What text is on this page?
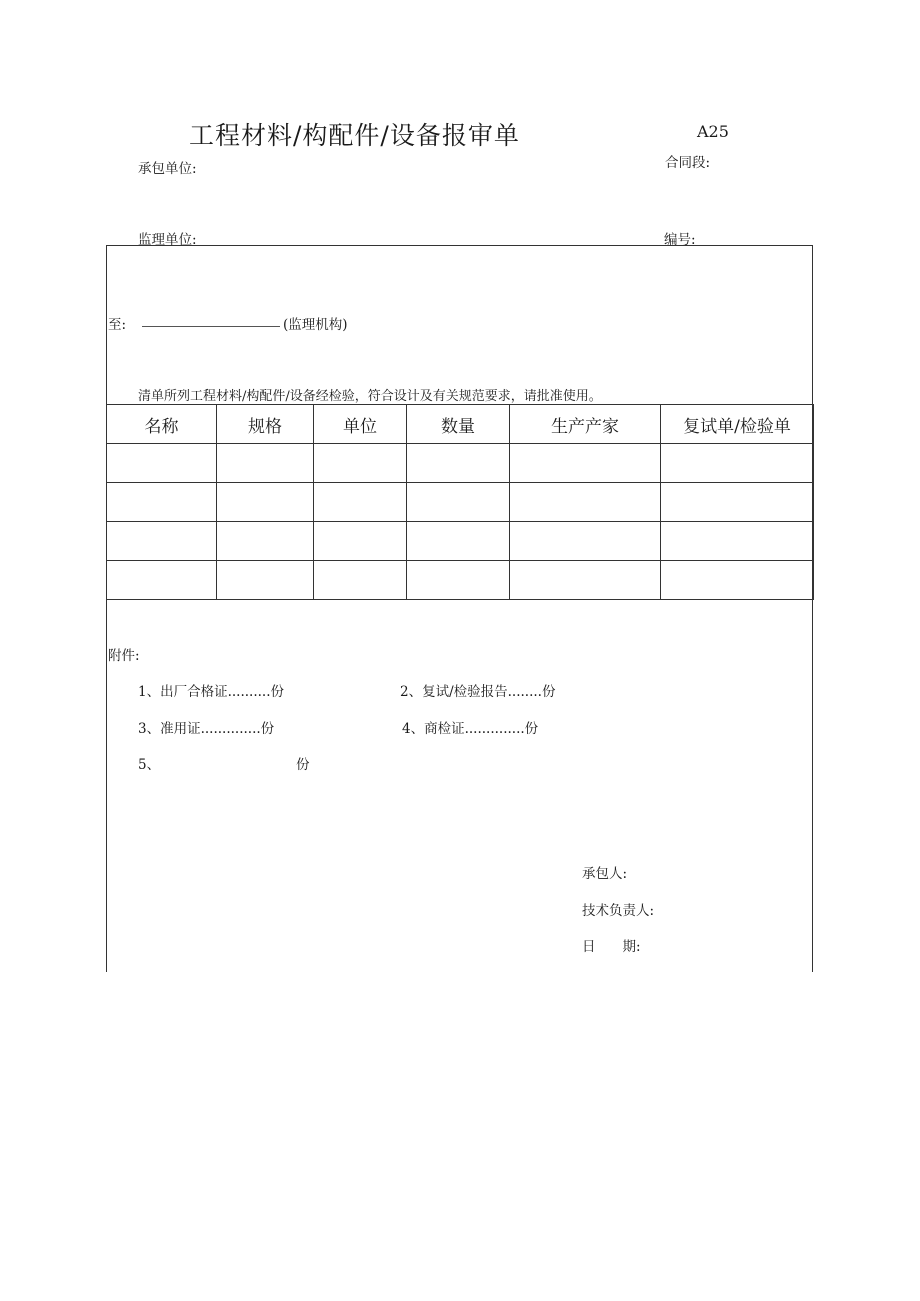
工程材料/构配件/设备报审单	A25
承包单位:	合同段:
监理单位:	编号:
至:	(监理机构)
清单所列工程材料/构配件/设备经检验，符合设计及有关规范要求，请批准使用。
名称	规格	单位	数量	生产产家	复试单/检验单

附件:
1、出厂合格证..........份	2、复试/检验报告........份
3、准用证..............份	4、商检证..............份
5、	份
承包人:
技术负责人:
日　　期:
